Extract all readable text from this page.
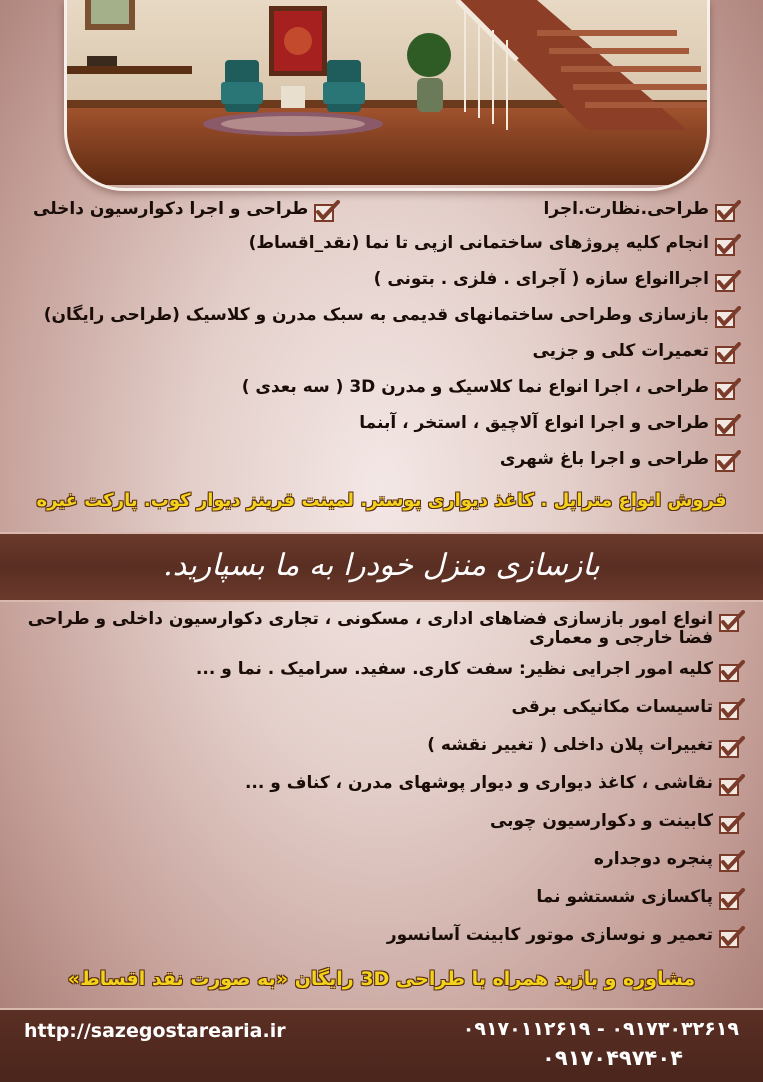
طراحی.نظارت.اجرا
طراحی و اجرا دکوارسیون داخلی
انجام کلیه پروژهای ساختمانی ازپی تا نما (نقد_اقساط)
اجراانواع سازه ( آجرای . فلزی . بتونی )
بازسازی وطراحی ساختمانهای قدیمی به سبک مدرن و کلاسیک (طراحی رایگان)
تعمیرات کلی و جزیی
طراحی ، اجرا انواع نما کلاسیک و مدرن 3D ( سه بعدی )
طراحی و اجرا انواع آلاچیق ، استخر ، آبنما
طراحی و اجرا باغ شهری
فروش انواع متراپل . کاغذ دیواری پوستر. لمینت قرینز دیوار کوب. پارکت غیره
بازسازی منزل خودرا به ما بسپارید.
انواع امور بازسازی فضاهای اداری ، مسکونی ، تجاری دکوارسیون داخلی و طراحی فضا خارجی و معماری
کلیه امور اجرایی نظیر: سفت کاری. سفید. سرامیک . نما و ...
تاسیسات مکانیکی برقی
تغییرات پلان داخلی ( تغییر نقشه )
نقاشی ، کاغذ دیواری و دیوار پوشهای مدرن ، کناف و ...
کابینت و دکوارسیون چوبی
پنجره دوجداره
پاکسازی شستشو نما
تعمیر و نوسازی موتور کابینت آسانسور
مشاوره و بازید همراه با طراحی 3D رایگان «به صورت نقد اقساط»
http://sazegostarearia.ir	۰۹۱۷۰۱۱۲۶۱۹ - ۰۹۱۷۳۰۳۲۶۱۹
۰۹۱۷۰۴۹۷۴۰۴
